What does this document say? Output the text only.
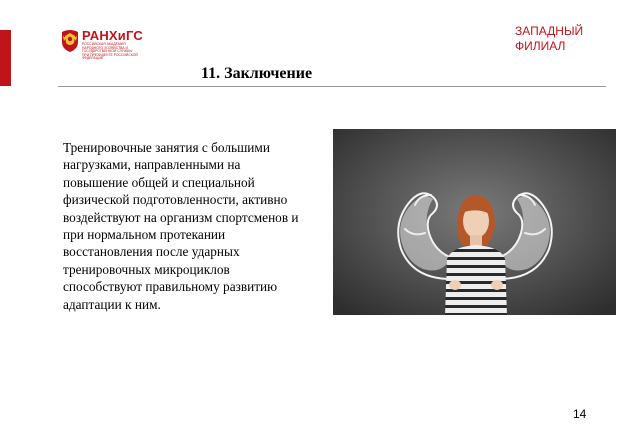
РАНХиГС
РОССИЙСКАЯ АКАДЕМИЯ НАРОДНОГО ХОЗЯЙСТВА И ГОСУДАРСТВЕННОЙ СЛУЖБЫ ПРИ ПРЕЗИДЕНТЕ РОССИЙСКОЙ ФЕДЕРАЦИИ
ЗАПАДНЫЙ
ФИЛИАЛ
11. Заключение

Тренировочные занятия с большими нагрузками, направленными на повышение общей и специальной физической подготовленности, активно воздействуют на организм спортсменов и при нормальном протекании восстановления после ударных тренировочных микроциклов способствуют правильному развитию адаптации к ним.

14
